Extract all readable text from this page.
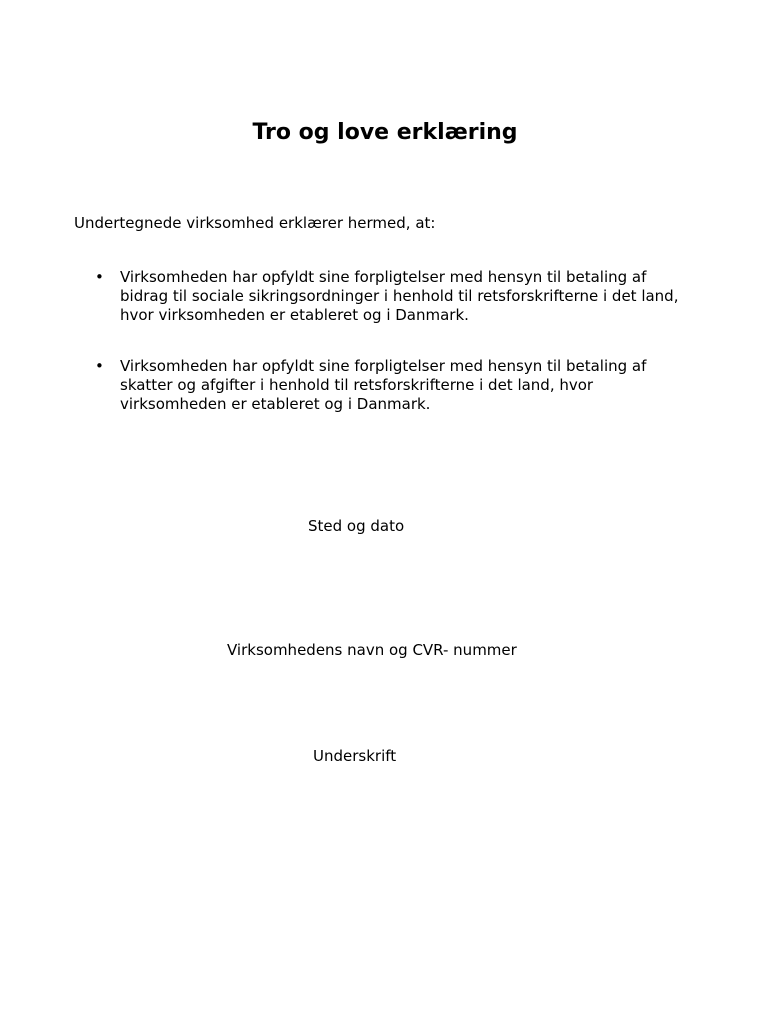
Tro og love erklæring
Undertegnede virksomhed erklærer hermed, at:
• Virksomheden har opfyldt sine forpligtelser med hensyn til betaling af bidrag til sociale sikringsordninger i henhold til retsforskrifterne i det land, hvor virksomheden er etableret og i Danmark.
• Virksomheden har opfyldt sine forpligtelser med hensyn til betaling af skatter og afgifter i henhold til retsforskrifterne i det land, hvor virksomheden er etableret og i Danmark.
Sted og dato
Virksomhedens navn og CVR- nummer
Underskrift
